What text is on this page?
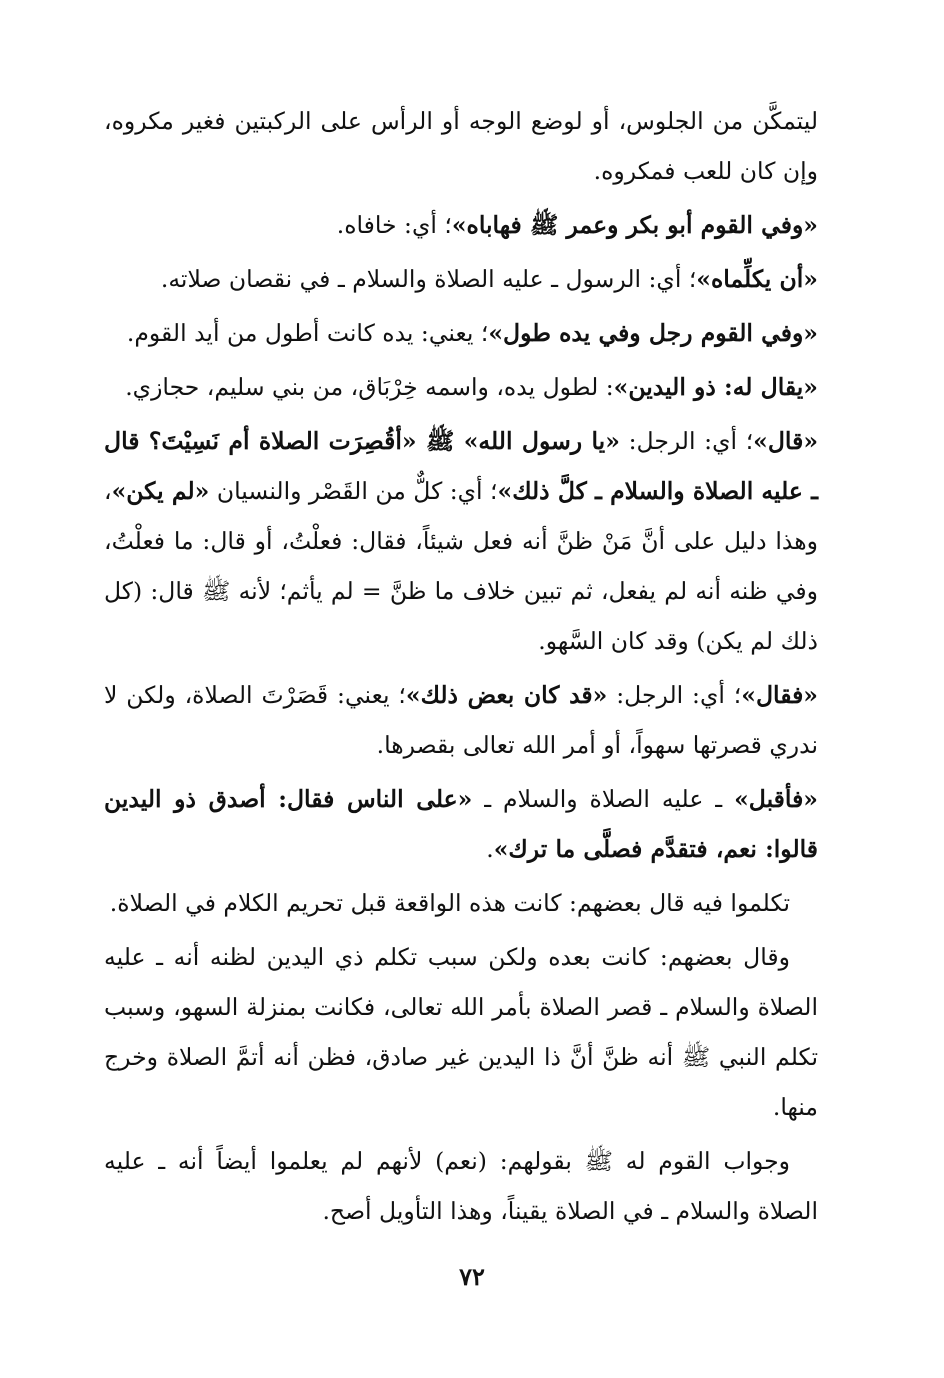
ليتمكَّن من الجلوس، أو لوضع الوجه أو الرأس على الركبتين فغير مكروه، وإن كان للعب فمكروه.

«وفي القوم أبو بكر وعمر ﷺ فهاباه»؛ أي: خافاه.

«أن يكلِّماه»؛ أي: الرسول ـ عليه الصلاة والسلام ـ في نقصان صلاته.

«وفي القوم رجل وفي يده طول»؛ يعني: يده كانت أطول من أيد القوم.

«يقال له: ذو اليدين»: لطول يده، واسمه خِرْبَاق، من بني سليم، حجازي.

«قال»؛ أي: الرجل: «يا رسول الله» ﷺ «أقُصِرَت الصلاة أم نَسِيْتَ؟ قال ـ عليه الصلاة والسلام ـ كلَّ ذلك»؛ أي: كلٌّ من القَصْر والنسيان «لم يكن»، وهذا دليل على أنَّ مَنْ ظنَّ أنه فعل شيئاً، فقال: فعلْتُ، أو قال: ما فعلْتُ، وفي ظنه أنه لم يفعل، ثم تبين خلاف ما ظنَّ = لم يأثم؛ لأنه ﷺ قال: (كل ذلك لم يكن) وقد كان السَّهو.

«فقال»؛ أي: الرجل: «قد كان بعض ذلك»؛ يعني: قَصَرْتَ الصلاة، ولكن لا ندري قصرتها سهواً، أو أمر الله تعالى بقصرها.

«فأقبل» ـ عليه الصلاة والسلام ـ «على الناس فقال: أصدق ذو اليدين قالوا: نعم، فتقدَّم فصلَّى ما ترك».

تكلموا فيه قال بعضهم: كانت هذه الواقعة قبل تحريم الكلام في الصلاة.

وقال بعضهم: كانت بعده ولكن سبب تكلم ذي اليدين لظنه أنه ـ عليه الصلاة والسلام ـ قصر الصلاة بأمر الله تعالى، فكانت بمنزلة السهو، وسبب تكلم النبي ﷺ أنه ظنَّ أنَّ ذا اليدين غير صادق، فظن أنه أتمَّ الصلاة وخرج منها.

وجواب القوم له ﷺ بقولهم: (نعم) لأنهم لم يعلموا أيضاً أنه ـ عليه الصلاة والسلام ـ في الصلاة يقيناً، وهذا التأويل أصح.

٧٢
